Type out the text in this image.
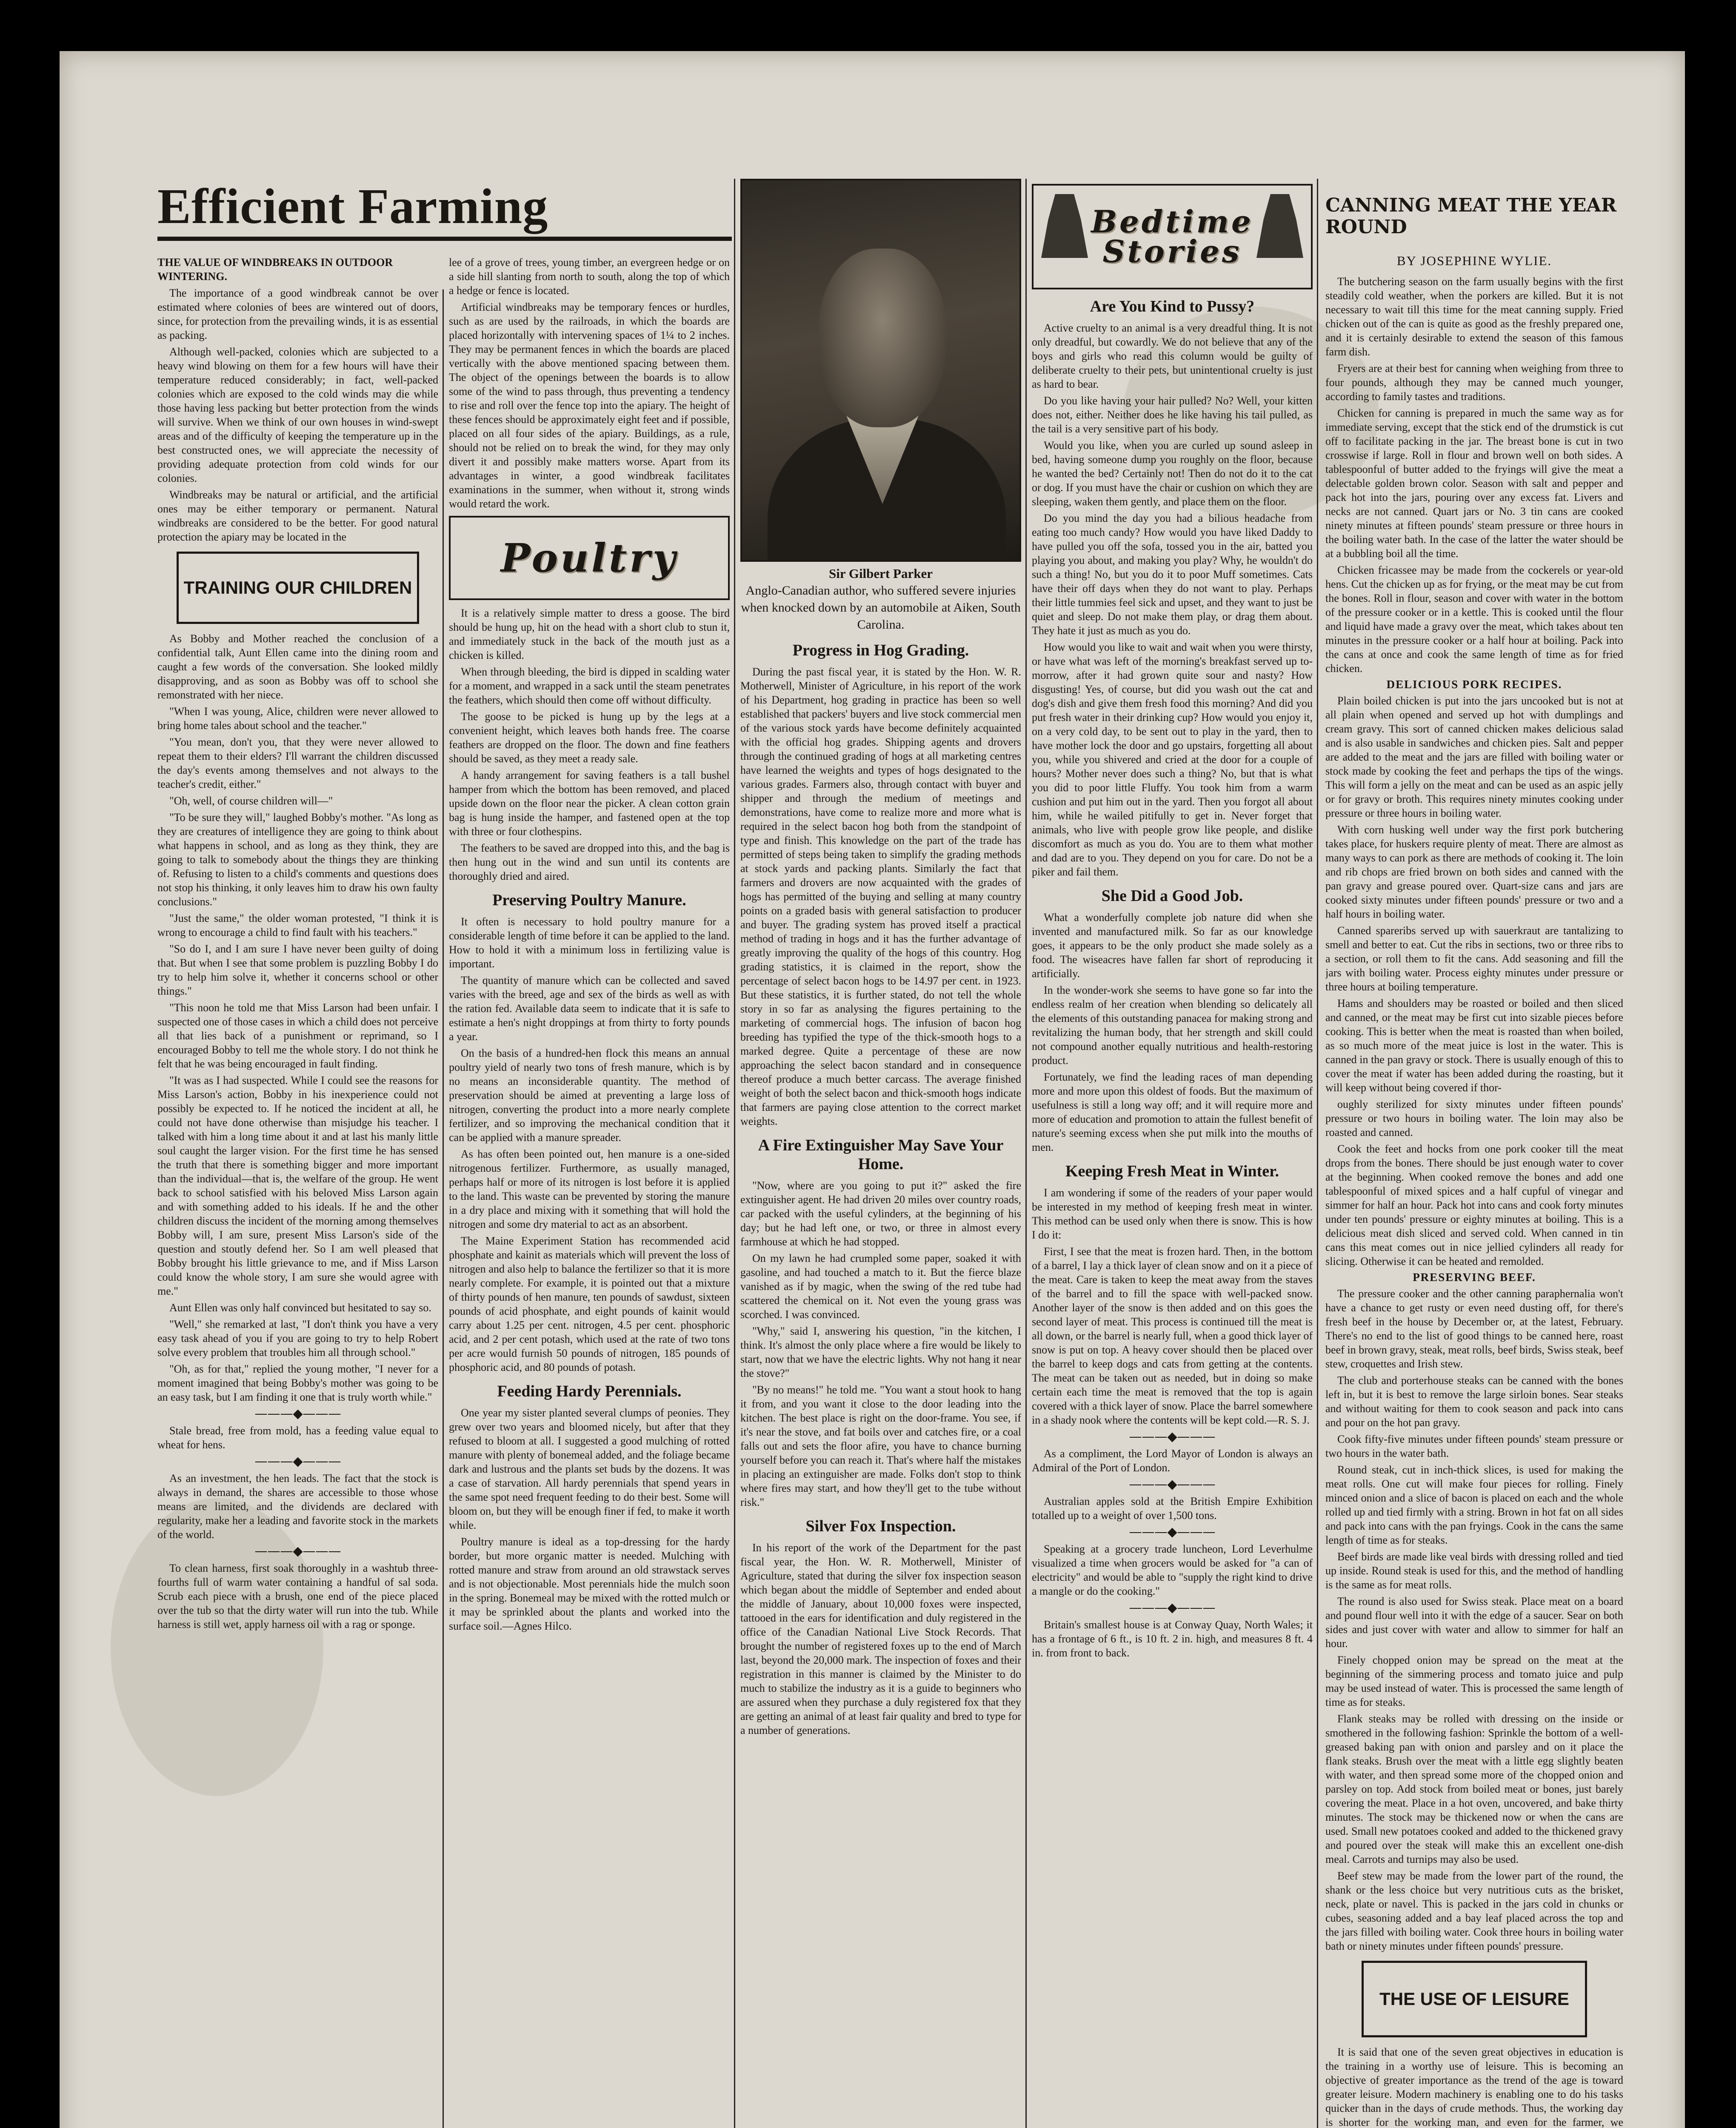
Efficient Farming

THE VALUE OF WINDBREAKS IN OUTDOOR WINTERING.

The importance of a good windbreak cannot be over estimated where colonies of bees are wintered out of doors, since, for protection from the prevailing winds, it is as essential as packing.

Although well-packed, colonies which are subjected to a heavy wind blowing on them for a few hours will have their temperature reduced considerably; in fact, well-packed colonies which are exposed to the cold winds may die while those having less packing but better protection from the winds will survive. When we think of our own houses in wind-swept areas and of the difficulty of keeping the temperature up in the best constructed ones, we will appreciate the necessity of providing adequate protection from cold winds for our colonies.

Windbreaks may be natural or artificial, and the artificial ones may be either temporary or permanent. Natural windbreaks are considered to be the better. For good natural protection the apiary may be located in the

TRAINING OUR CHILDREN

As Bobby and Mother reached the conclusion of a confidential talk, Aunt Ellen came into the dining room and caught a few words of the conversation. She looked mildly disapproving, and as soon as Bobby was off to school she remonstrated with her niece.

"When I was young, Alice, children were never allowed to bring home tales about school and the teacher."

"You mean, don't you, that they were never allowed to repeat them to their elders? I'll warrant the children discussed the day's events among themselves and not always to the teacher's credit, either."

"Oh, well, of course children will—"

"To be sure they will," laughed Bobby's mother. "As long as they are creatures of intelligence they are going to think about what happens in school, and as long as they think, they are going to talk to somebody about the things they are thinking of. Refusing to listen to a child's comments and questions does not stop his thinking, it only leaves him to draw his own faulty conclusions."

"Just the same," the older woman protested, "I think it is wrong to encourage a child to find fault with his teachers."

"So do I, and I am sure I have never been guilty of doing that. But when I see that some problem is puzzling Bobby I do try to help him solve it, whether it concerns school or other things."

"This noon he told me that Miss Larson had been unfair. I suspected one of those cases in which a child does not perceive all that lies back of a punishment or reprimand, so I encouraged Bobby to tell me the whole story. I do not think he felt that he was being encouraged in fault finding.

"It was as I had suspected. While I could see the reasons for Miss Larson's action, Bobby in his inexperience could not possibly be expected to. If he noticed the incident at all, he could not have done otherwise than misjudge his teacher. I talked with him a long time about it and at last his manly little soul caught the larger vision. For the first time he has sensed the truth that there is something bigger and more important than the individual—that is, the welfare of the group. He went back to school satisfied with his beloved Miss Larson again and with something added to his ideals. If he and the other children discuss the incident of the morning among themselves Bobby will, I am sure, present Miss Larson's side of the question and stoutly defend her. So I am well pleased that Bobby brought his little grievance to me, and if Miss Larson could know the whole story, I am sure she would agree with me."

Aunt Ellen was only half convinced but hesitated to say so.

"Well," she remarked at last, "I don't think you have a very easy task ahead of you if you are going to try to help Robert solve every problem that troubles him all through school."

"Oh, as for that," replied the young mother, "I never for a moment imagined that being Bobby's mother was going to be an easy task, but I am finding it one that is truly worth while."

———◆———

Stale bread, free from mold, has a feeding value equal to wheat for hens.

———◆———

As an investment, the hen leads. The fact that the stock is always in demand, the shares are accessible to those whose means are limited, and the dividends are declared with regularity, make her a leading and favorite stock in the markets of the world.

———◆———

To clean harness, first soak thoroughly in a washtub three-fourths full of warm water containing a handful of sal soda. Scrub each piece with a brush, one end of the piece placed over the tub so that the dirty water will run into the tub. While harness is still wet, apply harness oil with a rag or sponge.

lee of a grove of trees, young timber, an evergreen hedge or on a side hill slanting from north to south, along the top of which a hedge or fence is located.

Artificial windbreaks may be temporary fences or hurdles, such as are used by the railroads, in which the boards are placed horizontally with intervening spaces of 1¼ to 2 inches. They may be permanent fences in which the boards are placed vertically with the above mentioned spacing between them. The object of the openings between the boards is to allow some of the wind to pass through, thus preventing a tendency to rise and roll over the fence top into the apiary. The height of these fences should be approximately eight feet and if possible, placed on all four sides of the apiary. Buildings, as a rule, should not be relied on to break the wind, for they may only divert it and possibly make matters worse. Apart from its advantages in winter, a good windbreak facilitates examinations in the summer, when without it, strong winds would retard the work.

Poultry

It is a relatively simple matter to dress a goose. The bird should be hung up, hit on the head with a short club to stun it, and immediately stuck in the back of the mouth just as a chicken is killed.

When through bleeding, the bird is dipped in scalding water for a moment, and wrapped in a sack until the steam penetrates the feathers, which should then come off without difficulty.

The goose to be picked is hung up by the legs at a convenient height, which leaves both hands free. The coarse feathers are dropped on the floor. The down and fine feathers should be saved, as they meet a ready sale.

A handy arrangement for saving feathers is a tall bushel hamper from which the bottom has been removed, and placed upside down on the floor near the picker. A clean cotton grain bag is hung inside the hamper, and fastened open at the top with three or four clothespins.

The feathers to be saved are dropped into this, and the bag is then hung out in the wind and sun until its contents are thoroughly dried and aired.

Preserving Poultry Manure.

It often is necessary to hold poultry manure for a considerable length of time before it can be applied to the land. How to hold it with a minimum loss in fertilizing value is important.

The quantity of manure which can be collected and saved varies with the breed, age and sex of the birds as well as with the ration fed. Available data seem to indicate that it is safe to estimate a hen's night droppings at from thirty to forty pounds a year.

On the basis of a hundred-hen flock this means an annual poultry yield of nearly two tons of fresh manure, which is by no means an inconsiderable quantity. The method of preservation should be aimed at preventing a large loss of nitrogen, converting the product into a more nearly complete fertilizer, and so improving the mechanical condition that it can be applied with a manure spreader.

As has often been pointed out, hen manure is a one-sided nitrogenous fertilizer. Furthermore, as usually managed, perhaps half or more of its nitrogen is lost before it is applied to the land. This waste can be prevented by storing the manure in a dry place and mixing with it something that will hold the nitrogen and some dry material to act as an absorbent.

The Maine Experiment Station has recommended acid phosphate and kainit as materials which will prevent the loss of nitrogen and also help to balance the fertilizer so that it is more nearly complete. For example, it is pointed out that a mixture of thirty pounds of hen manure, ten pounds of sawdust, sixteen pounds of acid phosphate, and eight pounds of kainit would carry about 1.25 per cent. nitrogen, 4.5 per cent. phosphoric acid, and 2 per cent potash, which used at the rate of two tons per acre would furnish 50 pounds of nitrogen, 185 pounds of phosphoric acid, and 80 pounds of potash.

Feeding Hardy Perennials.

One year my sister planted several clumps of peonies. They grew over two years and bloomed nicely, but after that they refused to bloom at all. I suggested a good mulching of rotted manure with plenty of bonemeal added, and the foliage became dark and lustrous and the plants set buds by the dozens. It was a case of starvation. All hardy perennials that spend years in the same spot need frequent feeding to do their best. Some will bloom on, but they will be enough finer if fed, to make it worth while.

Poultry manure is ideal as a top-dressing for the hardy border, but more organic matter is needed. Mulching with rotted manure and straw from around an old strawstack serves and is not objectionable. Most perennials hide the mulch soon in the spring. Bonemeal may be mixed with the rotted mulch or it may be sprinkled about the plants and worked into the surface soil.—Agnes Hilco.

Sir Gilbert Parker
Anglo-Canadian author, who suffered severe injuries when knocked down by an automobile at Aiken, South Carolina.
Progress in Hog Grading.

During the past fiscal year, it is stated by the Hon. W. R. Motherwell, Minister of Agriculture, in his report of the work of his Department, hog grading in practice has been so well established that packers' buyers and live stock commercial men of the various stock yards have become definitely acquainted with the official hog grades. Shipping agents and drovers through the continued grading of hogs at all marketing centres have learned the weights and types of hogs designated to the various grades. Farmers also, through contact with buyer and shipper and through the medium of meetings and demonstrations, have come to realize more and more what is required in the select bacon hog both from the standpoint of type and finish. This knowledge on the part of the trade has permitted of steps being taken to simplify the grading methods at stock yards and packing plants. Similarly the fact that farmers and drovers are now acquainted with the grades of hogs has permitted of the buying and selling at many country points on a graded basis with general satisfaction to producer and buyer. The grading system has proved itself a practical method of trading in hogs and it has the further advantage of greatly improving the quality of the hogs of this country. Hog grading statistics, it is claimed in the report, show the percentage of select bacon hogs to be 14.97 per cent. in 1923. But these statistics, it is further stated, do not tell the whole story in so far as analysing the figures pertaining to the marketing of commercial hogs. The infusion of bacon hog breeding has typified the type of the thick-smooth hogs to a marked degree. Quite a percentage of these are now approaching the select bacon standard and in consequence thereof produce a much better carcass. The average finished weight of both the select bacon and thick-smooth hogs indicate that farmers are paying close attention to the correct market weights.

A Fire Extinguisher May Save Your Home.

"Now, where are you going to put it?" asked the fire extinguisher agent. He had driven 20 miles over country roads, car packed with the useful cylinders, at the beginning of his day; but he had left one, or two, or three in almost every farmhouse at which he had stopped.

On my lawn he had crumpled some paper, soaked it with gasoline, and had touched a match to it. But the fierce blaze vanished as if by magic, when the swing of the red tube had scattered the chemical on it. Not even the young grass was scorched. I was convinced.

"Why," said I, answering his question, "in the kitchen, I think. It's almost the only place where a fire would be likely to start, now that we have the electric lights. Why not hang it near the stove?"

"By no means!" he told me. "You want a stout hook to hang it from, and you want it close to the door leading into the kitchen. The best place is right on the door-frame. You see, if it's near the stove, and fat boils over and catches fire, or a coal falls out and sets the floor afire, you have to chance burning yourself before you can reach it. That's where half the mistakes in placing an extinguisher are made. Folks don't stop to think where fires may start, and how they'll get to the tube without risk."

Silver Fox Inspection.

In his report of the work of the Department for the past fiscal year, the Hon. W. R. Motherwell, Minister of Agriculture, stated that during the silver fox inspection season which began about the middle of September and ended about the middle of January, about 10,000 foxes were inspected, tattooed in the ears for identification and duly registered in the office of the Canadian National Live Stock Records. That brought the number of registered foxes up to the end of March last, beyond the 20,000 mark. The inspection of foxes and their registration in this manner is claimed by the Minister to do much to stabilize the industry as it is a guide to beginners who are assured when they purchase a duly registered fox that they are getting an animal of at least fair quality and bred to type for a number of generations.

Bedtime Stories
Are You Kind to Pussy?

Active cruelty to an animal is a very dreadful thing. It is not only dreadful, but cowardly. We do not believe that any of the boys and girls who read this column would be guilty of deliberate cruelty to their pets, but unintentional cruelty is just as hard to bear.

Do you like having your hair pulled? No? Well, your kitten does not, either. Neither does he like having his tail pulled, as the tail is a very sensitive part of his body.

Would you like, when you are curled up sound asleep in bed, having someone dump you roughly on the floor, because he wanted the bed? Certainly not! Then do not do it to the cat or dog. If you must have the chair or cushion on which they are sleeping, waken them gently, and place them on the floor.

Do you mind the day you had a bilious headache from eating too much candy? How would you have liked Daddy to have pulled you off the sofa, tossed you in the air, batted you playing you about, and making you play? Why, he wouldn't do such a thing! No, but you do it to poor Muff sometimes. Cats have their off days when they do not want to play. Perhaps their little tummies feel sick and upset, and they want to just be quiet and sleep. Do not make them play, or drag them about. They hate it just as much as you do.

How would you like to wait and wait when you were thirsty, or have what was left of the morning's breakfast served up to-morrow, after it had grown quite sour and nasty? How disgusting! Yes, of course, but did you wash out the cat and dog's dish and give them fresh food this morning? And did you put fresh water in their drinking cup? How would you enjoy it, on a very cold day, to be sent out to play in the yard, then to have mother lock the door and go upstairs, forgetting all about you, while you shivered and cried at the door for a couple of hours? Mother never does such a thing? No, but that is what you did to poor little Fluffy. You took him from a warm cushion and put him out in the yard. Then you forgot all about him, while he wailed pitifully to get in. Never forget that animals, who live with people grow like people, and dislike discomfort as much as you do. You are to them what mother and dad are to you. They depend on you for care. Do not be a piker and fail them.

She Did a Good Job.

What a wonderfully complete job nature did when she invented and manufactured milk. So far as our knowledge goes, it appears to be the only product she made solely as a food. The wiseacres have fallen far short of reproducing it artificially.

In the wonder-work she seems to have gone so far into the endless realm of her creation when blending so delicately all the elements of this outstanding panacea for making strong and revitalizing the human body, that her strength and skill could not compound another equally nutritious and health-restoring product.

Fortunately, we find the leading races of man depending more and more upon this oldest of foods. But the maximum of usefulness is still a long way off; and it will require more and more of education and promotion to attain the fullest benefit of nature's seeming excess when she put milk into the mouths of men.

Keeping Fresh Meat in Winter.

I am wondering if some of the readers of your paper would be interested in my method of keeping fresh meat in winter. This method can be used only when there is snow. This is how I do it:

First, I see that the meat is frozen hard. Then, in the bottom of a barrel, I lay a thick layer of clean snow and on it a piece of the meat. Care is taken to keep the meat away from the staves of the barrel and to fill the space with well-packed snow. Another layer of the snow is then added and on this goes the second layer of meat. This process is continued till the meat is all down, or the barrel is nearly full, when a good thick layer of snow is put on top. A heavy cover should then be placed over the barrel to keep dogs and cats from getting at the contents. The meat can be taken out as needed, but in doing so make certain each time the meat is removed that the top is again covered with a thick layer of snow. Place the barrel somewhere in a shady nook where the contents will be kept cold.—R. S. J.

———◆———

As a compliment, the Lord Mayor of London is always an Admiral of the Port of London.

———◆———

Australian apples sold at the British Empire Exhibition totalled up to a weight of over 1,500 tons.

———◆———

Speaking at a grocery trade luncheon, Lord Leverhulme visualized a time when grocers would be asked for "a can of electricity" and would be able to "supply the right kind to drive a mangle or do the cooking."

———◆———

Britain's smallest house is at Conway Quay, North Wales; it has a frontage of 6 ft., is 10 ft. 2 in. high, and measures 8 ft. 4 in. from front to back.

CANNING MEAT THE YEAR ROUND
BY JOSEPHINE WYLIE.

The butchering season on the farm usually begins with the first steadily cold weather, when the porkers are killed. But it is not necessary to wait till this time for the meat canning supply. Fried chicken out of the can is quite as good as the freshly prepared one, and it is certainly desirable to extend the season of this famous farm dish.

Fryers are at their best for canning when weighing from three to four pounds, although they may be canned much younger, according to family tastes and traditions.

Chicken for canning is prepared in much the same way as for immediate serving, except that the stick end of the drumstick is cut off to facilitate packing in the jar. The breast bone is cut in two crosswise if large. Roll in flour and brown well on both sides. A tablespoonful of butter added to the fryings will give the meat a delectable golden brown color. Season with salt and pepper and pack hot into the jars, pouring over any excess fat. Livers and necks are not canned. Quart jars or No. 3 tin cans are cooked ninety minutes at fifteen pounds' steam pressure or three hours in the boiling water bath. In the case of the latter the water should be at a bubbling boil all the time.

Chicken fricassee may be made from the cockerels or year-old hens. Cut the chicken up as for frying, or the meat may be cut from the bones. Roll in flour, season and cover with water in the bottom of the pressure cooker or in a kettle. This is cooked until the flour and liquid have made a gravy over the meat, which takes about ten minutes in the pressure cooker or a half hour at boiling. Pack into the cans at once and cook the same length of time as for fried chicken.

DELICIOUS PORK RECIPES.

Plain boiled chicken is put into the jars uncooked but is not at all plain when opened and served up hot with dumplings and cream gravy. This sort of canned chicken makes delicious salad and is also usable in sandwiches and chicken pies. Salt and pepper are added to the meat and the jars are filled with boiling water or stock made by cooking the feet and perhaps the tips of the wings. This will form a jelly on the meat and can be used as an aspic jelly or for gravy or broth. This requires ninety minutes cooking under pressure or three hours in boiling water.

With corn husking well under way the first pork butchering takes place, for huskers require plenty of meat. There are almost as many ways to can pork as there are methods of cooking it. The loin and rib chops are fried brown on both sides and canned with the pan gravy and grease poured over. Quart-size cans and jars are cooked sixty minutes under fifteen pounds' pressure or two and a half hours in boiling water.

Canned spareribs served up with sauerkraut are tantalizing to smell and better to eat. Cut the ribs in sections, two or three ribs to a section, or roll them to fit the cans. Add seasoning and fill the jars with boiling water. Process eighty minutes under pressure or three hours at boiling temperature.

Hams and shoulders may be roasted or boiled and then sliced and canned, or the meat may be first cut into sizable pieces before cooking. This is better when the meat is roasted than when boiled, as so much more of the meat juice is lost in the water. This is canned in the pan gravy or stock. There is usually enough of this to cover the meat if water has been added during the roasting, but it will keep without being covered if thor-

oughly sterilized for sixty minutes under fifteen pounds' pressure or two hours in boiling water. The loin may also be roasted and canned.

Cook the feet and hocks from one pork cooker till the meat drops from the bones. There should be just enough water to cover at the beginning. When cooked remove the bones and add one tablespoonful of mixed spices and a half cupful of vinegar and simmer for half an hour. Pack hot into cans and cook forty minutes under ten pounds' pressure or eighty minutes at boiling. This is a delicious meat dish sliced and served cold. When canned in tin cans this meat comes out in nice jellied cylinders all ready for slicing. Otherwise it can be heated and remolded.

PRESERVING BEEF.

The pressure cooker and the other canning paraphernalia won't have a chance to get rusty or even need dusting off, for there's fresh beef in the house by December or, at the latest, February. There's no end to the list of good things to be canned here, roast beef in brown gravy, steak, meat rolls, beef birds, Swiss steak, beef stew, croquettes and Irish stew.

The club and porterhouse steaks can be canned with the bones left in, but it is best to remove the large sirloin bones. Sear steaks and without waiting for them to cook season and pack into cans and pour on the hot pan gravy.

Cook fifty-five minutes under fifteen pounds' steam pressure or two hours in the water bath.

Round steak, cut in inch-thick slices, is used for making the meat rolls. One cut will make four pieces for rolling. Finely minced onion and a slice of bacon is placed on each and the whole rolled up and tied firmly with a string. Brown in hot fat on all sides and pack into cans with the pan fryings. Cook in the cans the same length of time as for steaks.

Beef birds are made like veal birds with dressing rolled and tied up inside. Round steak is used for this, and the method of handling is the same as for meat rolls.

The round is also used for Swiss steak. Place meat on a board and pound flour well into it with the edge of a saucer. Sear on both sides and just cover with water and allow to simmer for half an hour.

Finely chopped onion may be spread on the meat at the beginning of the simmering process and tomato juice and pulp may be used instead of water. This is processed the same length of time as for steaks.

Flank steaks may be rolled with dressing on the inside or smothered in the following fashion: Sprinkle the bottom of a well-greased baking pan with onion and parsley and on it place the flank steaks. Brush over the meat with a little egg slightly beaten with water, and then spread some more of the chopped onion and parsley on top. Add stock from boiled meat or bones, just barely covering the meat. Place in a hot oven, uncovered, and bake thirty minutes. The stock may be thickened now or when the cans are used. Small new potatoes cooked and added to the thickened gravy and poured over the steak will make this an excellent one-dish meal. Carrots and turnips may also be used.

Beef stew may be made from the lower part of the round, the shank or the less choice but very nutritious cuts as the brisket, neck, plate or navel. This is packed in the jars cold in chunks or cubes, seasoning added and a bay leaf placed across the top and the jars filled with boiling water. Cook three hours in boiling water bath or ninety minutes under fifteen pounds' pressure.

THE USE OF LEISURE

It is said that one of the seven great objectives in education is the training in a worthy use of leisure. This is becoming an objective of greater importance as the trend of the age is toward greater leisure. Modern machinery is enabling one to do his tasks quicker than in the days of crude methods. Thus, the working day is shorter for the working man, and even for the farmer, we
